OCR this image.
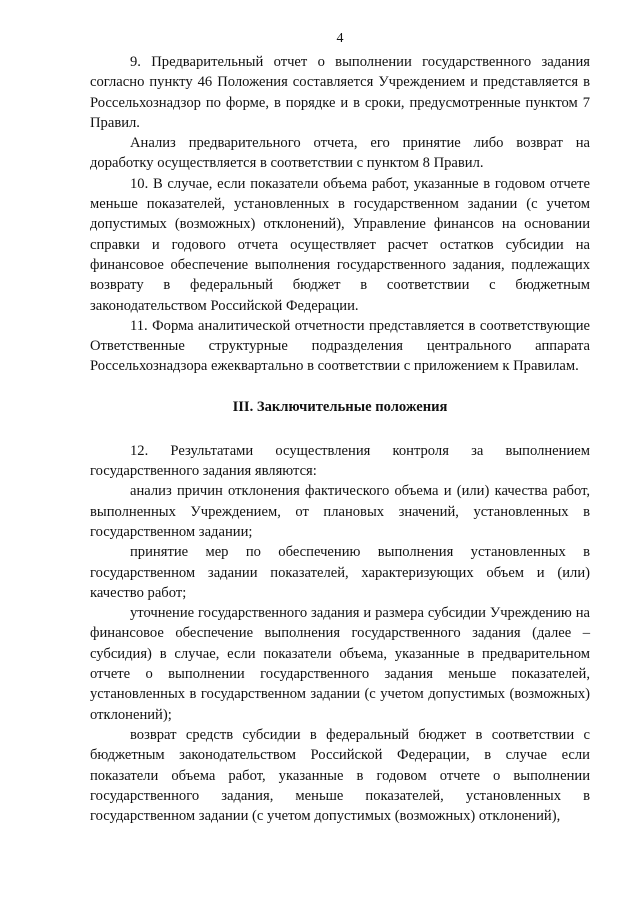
4

9. Предварительный отчет о выполнении государственного задания согласно пункту 46 Положения составляется Учреждением и представляется в Россельхознадзор по форме, в порядке и в сроки, предусмотренные пунктом 7 Правил.

Анализ предварительного отчета, его принятие либо возврат на доработку осуществляется в соответствии с пунктом 8 Правил.

10. В случае, если показатели объема работ, указанные в годовом отчете меньше показателей, установленных в государственном задании (с учетом допустимых (возможных) отклонений), Управление финансов на основании справки и годового отчета осуществляет расчет остатков субсидии на финансовое обеспечение выполнения государственного задания, подлежащих возврату в федеральный бюджет в соответствии с бюджетным законодательством Российской Федерации.

11. Форма аналитической отчетности представляется в соответствующие Ответственные структурные подразделения центрального аппарата Россельхознадзора ежеквартально в соответствии с приложением к Правилам.

III. Заключительные положения

12. Результатами осуществления контроля за выполнением государственного задания являются:

анализ причин отклонения фактического объема и (или) качества работ, выполненных Учреждением, от плановых значений, установленных в государственном задании;

принятие мер по обеспечению выполнения установленных в государственном задании показателей, характеризующих объем и (или) качество работ;

уточнение государственного задания и размера субсидии Учреждению на финансовое обеспечение выполнения государственного задания (далее – субсидия) в случае, если показатели объема, указанные в предварительном отчете о выполнении государственного задания меньше показателей, установленных в государственном задании (с учетом допустимых (возможных) отклонений);

возврат средств субсидии в федеральный бюджет в соответствии с бюджетным законодательством Российской Федерации, в случае если показатели объема работ, указанные в годовом отчете о выполнении государственного задания, меньше показателей, установленных в государственном задании (с учетом допустимых (возможных) отклонений),
